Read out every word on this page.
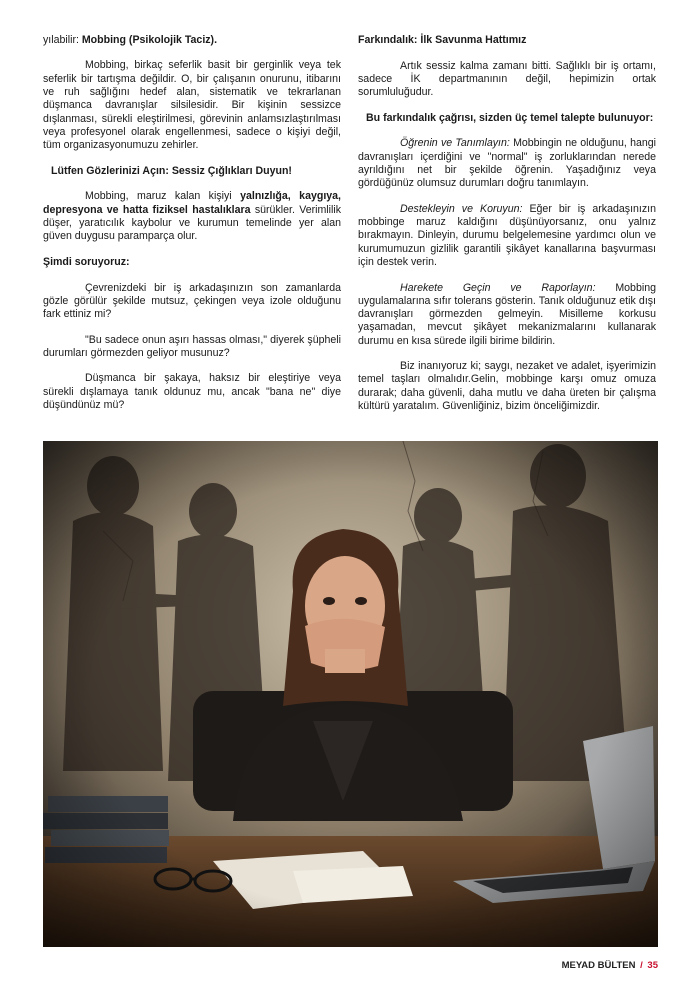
yılabilir: Mobbing (Psikolojik Taciz).

Mobbing, birkaç seferlik basit bir gerginlik veya tek seferlik bir tartışma değildir. O, bir çalışanın onurunu, itibarını ve ruh sağlığını hedef alan, sistematik ve tekrarlanan düşmanca davranışlar silsilesidir. Bir kişinin sessizce dışlanması, sürekli eleştirilmesi, görevinin anlamsızlaştırılması veya profesyonel olarak engellenmesi, sadece o kişiyi değil, tüm organizasyonumuzu zehirler.

Lütfen Gözlerinizi Açın: Sessiz Çığlıkları Duyun!

Mobbing, maruz kalan kişiyi yalnızlığa, kaygıya, depresyona ve hatta fiziksel hastalıklara sürükler. Verimlilik düşer, yaratıcılık kaybolur ve kurumun temelinde yer alan güven duygusu paramparça olur.

Şimdi soruyoruz:

Çevrenizdeki bir iş arkadaşınızın son zamanlarda gözle görülür şekilde mutsuz, çekingen veya izole olduğunu fark ettiniz mi?

"Bu sadece onun aşırı hassas olması," diyerek şüpheli durumları görmezden geliyor musunuz?

Düşmanca bir şakaya, haksız bir eleştiriye veya sürekli dışlamaya tanık oldunuz mu, ancak "bana ne" diye düşündünüz mü?

Farkındalık: İlk Savunma Hattımız

Artık sessiz kalma zamanı bitti. Sağlıklı bir iş ortamı, sadece İK departmanının değil, hepimizin ortak sorumluluğudur.

Bu farkındalık çağrısı, sizden üç temel talepte bulunuyor:

Öğrenin ve Tanımlayın: Mobbingin ne olduğunu, hangi davranışları içerdiğini ve "normal" iş zorluklarından nerede ayrıldığını net bir şekilde öğrenin. Yaşadığınız veya gördüğünüz olumsuz durumları doğru tanımlayın.

Destekleyin ve Koruyun: Eğer bir iş arkadaşınızın mobbinge maruz kaldığını düşünüyorsanız, onu yalnız bırakmayın. Dinleyin, durumu belgelemesine yardımcı olun ve kurumumuzun gizlilik garantili şikâyet kanallarına başvurması için destek verin.

Harekete Geçin ve Raporlayın: Mobbing uygulamalarına sıfır tolerans gösterin. Tanık olduğunuz etik dışı davranışları görmezden gelmeyin. Misilleme korkusu yaşamadan, mevcut şikâyet mekanizmalarını kullanarak durumu en kısa sürede ilgili birime bildirin.

Biz inanıyoruz ki; saygı, nezaket ve adalet, işyerimizin temel taşları olmalıdır.Gelin, mobbinge karşı omuz omuza durarak; daha güvenli, daha mutlu ve daha üreten bir çalışma kültürü yaratalım. Güvenliğiniz, bizim önceliğimizdir.

MEYAD BÜLTEN / 35
